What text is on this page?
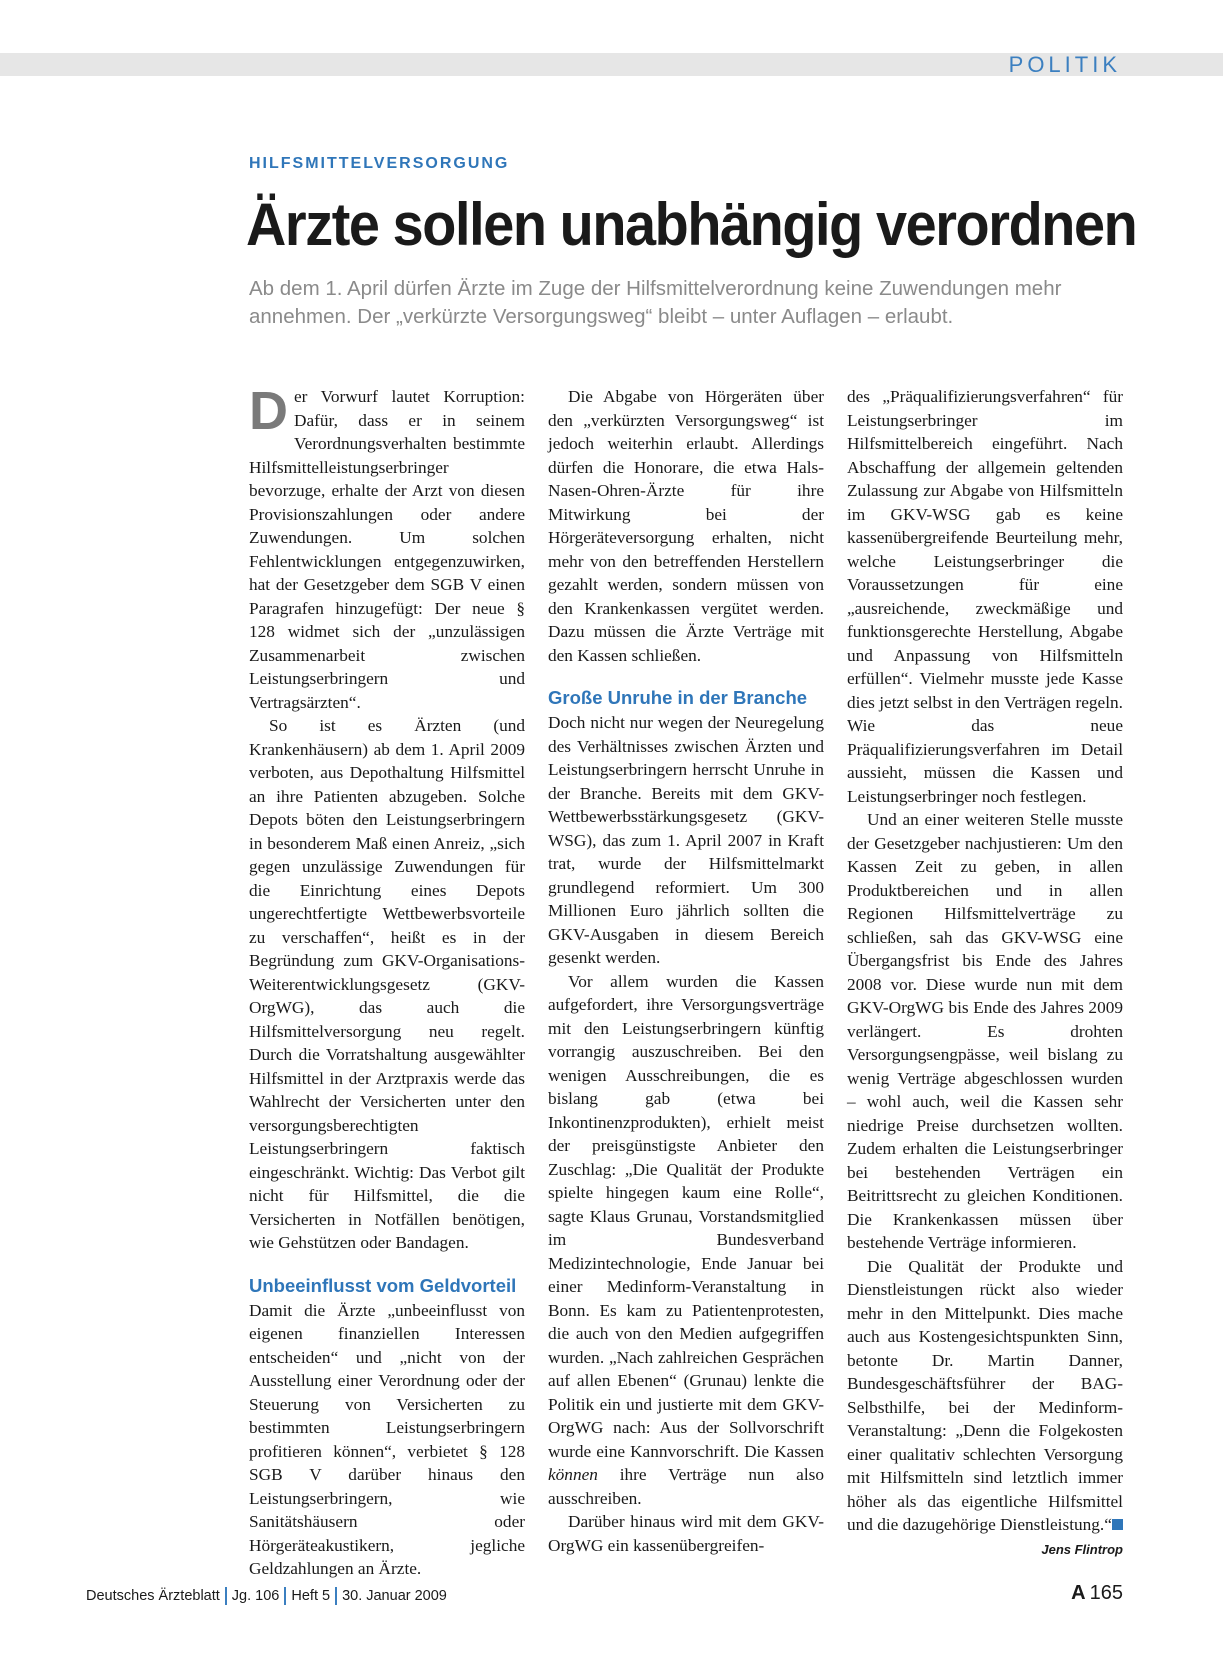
POLITIK
HILFSMITTELVERSORGUNG
Ärzte sollen unabhängig verordnen

Ab dem 1. April dürfen Ärzte im Zuge der Hilfsmittelverordnung keine Zuwendungen mehr annehmen. Der „verkürzte Versorgungsweg“ bleibt – unter Auflagen – erlaubt.

Der Vorwurf lautet Korruption: Dafür, dass er in seinem Verordnungsverhalten bestimmte Hilfsmittelleistungserbringer bevorzuge, erhalte der Arzt von diesen Provisionszahlungen oder andere Zuwendungen. Um solchen Fehlentwicklungen entgegenzuwirken, hat der Gesetzgeber dem SGB V einen Paragrafen hinzugefügt: Der neue § 128 widmet sich der „unzulässigen Zusammenarbeit zwischen Leistungserbringern und Vertragsärzten“.

So ist es Ärzten (und Krankenhäusern) ab dem 1. April 2009 verboten, aus Depothaltung Hilfsmittel an ihre Patienten abzugeben. Solche Depots böten den Leistungserbringern in besonderem Maß einen Anreiz, „sich gegen unzulässige Zuwendungen für die Einrichtung eines Depots ungerechtfertigte Wettbewerbsvorteile zu verschaffen“, heißt es in der Begründung zum GKV-Organisations-Weiterentwicklungsgesetz (GKV-OrgWG), das auch die Hilfsmittelversorgung neu regelt. Durch die Vorratshaltung ausgewählter Hilfsmittel in der Arztpraxis werde das Wahlrecht der Versicherten unter den versorgungsberechtigten Leistungserbringern faktisch eingeschränkt. Wichtig: Das Verbot gilt nicht für Hilfsmittel, die die Versicherten in Notfällen benötigen, wie Gehstützen oder Bandagen.

Unbeeinflusst vom Geldvorteil

Damit die Ärzte „unbeeinflusst von eigenen finanziellen Interessen entscheiden“ und „nicht von der Ausstellung einer Verordnung oder der Steuerung von Versicherten zu bestimmten Leistungserbringern profitieren können“, verbietet § 128 SGB V darüber hinaus den Leistungserbringern, wie Sanitätshäusern oder Hörgeräteakustikern, jegliche Geldzahlungen an Ärzte.

Die Abgabe von Hörgeräten über den „verkürzten Versorgungsweg“ ist jedoch weiterhin erlaubt. Allerdings dürfen die Honorare, die etwa Hals-Nasen-Ohren-Ärzte für ihre Mitwirkung bei der Hörgeräteversorgung erhalten, nicht mehr von den betreffenden Herstellern gezahlt werden, sondern müssen von den Krankenkassen vergütet werden. Dazu müssen die Ärzte Verträge mit den Kassen schließen.

Große Unruhe in der Branche

Doch nicht nur wegen der Neuregelung des Verhältnisses zwischen Ärzten und Leistungserbringern herrscht Unruhe in der Branche. Bereits mit dem GKV-Wettbewerbsstärkungsgesetz (GKV-WSG), das zum 1. April 2007 in Kraft trat, wurde der Hilfsmittelmarkt grundlegend reformiert. Um 300 Millionen Euro jährlich sollten die GKV-Ausgaben in diesem Bereich gesenkt werden.

Vor allem wurden die Kassen aufgefordert, ihre Versorgungsverträge mit den Leistungserbringern künftig vorrangig auszuschreiben. Bei den wenigen Ausschreibungen, die es bislang gab (etwa bei Inkontinenzprodukten), erhielt meist der preisgünstigste Anbieter den Zuschlag: „Die Qualität der Produkte spielte hingegen kaum eine Rolle“, sagte Klaus Grunau, Vorstandsmitglied im Bundesverband Medizintechnologie, Ende Januar bei einer Medinform-Veranstaltung in Bonn. Es kam zu Patientenprotesten, die auch von den Medien aufgegriffen wurden. „Nach zahlreichen Gesprächen auf allen Ebenen“ (Grunau) lenkte die Politik ein und justierte mit dem GKV-OrgWG nach: Aus der Sollvorschrift wurde eine Kannvorschrift. Die Kassen können ihre Verträge nun also ausschreiben.

Darüber hinaus wird mit dem GKV-OrgWG ein kassenübergreifen-

des „Präqualifizierungsverfahren“ für Leistungserbringer im Hilfsmittelbereich eingeführt. Nach Abschaffung der allgemein geltenden Zulassung zur Abgabe von Hilfsmitteln im GKV-WSG gab es keine kassenübergreifende Beurteilung mehr, welche Leistungserbringer die Voraussetzungen für eine „ausreichende, zweckmäßige und funktionsgerechte Herstellung, Abgabe und Anpassung von Hilfsmitteln erfüllen“. Vielmehr musste jede Kasse dies jetzt selbst in den Verträgen regeln. Wie das neue Präqualifizierungsverfahren im Detail aussieht, müssen die Kassen und Leistungserbringer noch festlegen.

Und an einer weiteren Stelle musste der Gesetzgeber nachjustieren: Um den Kassen Zeit zu geben, in allen Produktbereichen und in allen Regionen Hilfsmittelverträge zu schließen, sah das GKV-WSG eine Übergangsfrist bis Ende des Jahres 2008 vor. Diese wurde nun mit dem GKV-OrgWG bis Ende des Jahres 2009 verlängert. Es drohten Versorgungsengpässe, weil bislang zu wenig Verträge abgeschlossen wurden – wohl auch, weil die Kassen sehr niedrige Preise durchsetzen wollten. Zudem erhalten die Leistungserbringer bei bestehenden Verträgen ein Beitrittsrecht zu gleichen Konditionen. Die Krankenkassen müssen über bestehende Verträge informieren.

Die Qualität der Produkte und Dienstleistungen rückt also wieder mehr in den Mittelpunkt. Dies mache auch aus Kostengesichtspunkten Sinn, betonte Dr. Martin Danner, Bundesgeschäftsführer der BAG-Selbsthilfe, bei der Medinform-Veranstaltung: „Denn die Folgekosten einer qualitativ schlechten Versorgung mit Hilfsmitteln sind letztlich immer höher als das eigentliche Hilfsmittel und die dazugehörige Dienstleistung.“

Jens Flintrop
Deutsches Ärzteblatt Jg. 106 Heft 5 30. Januar 2009	A 165
